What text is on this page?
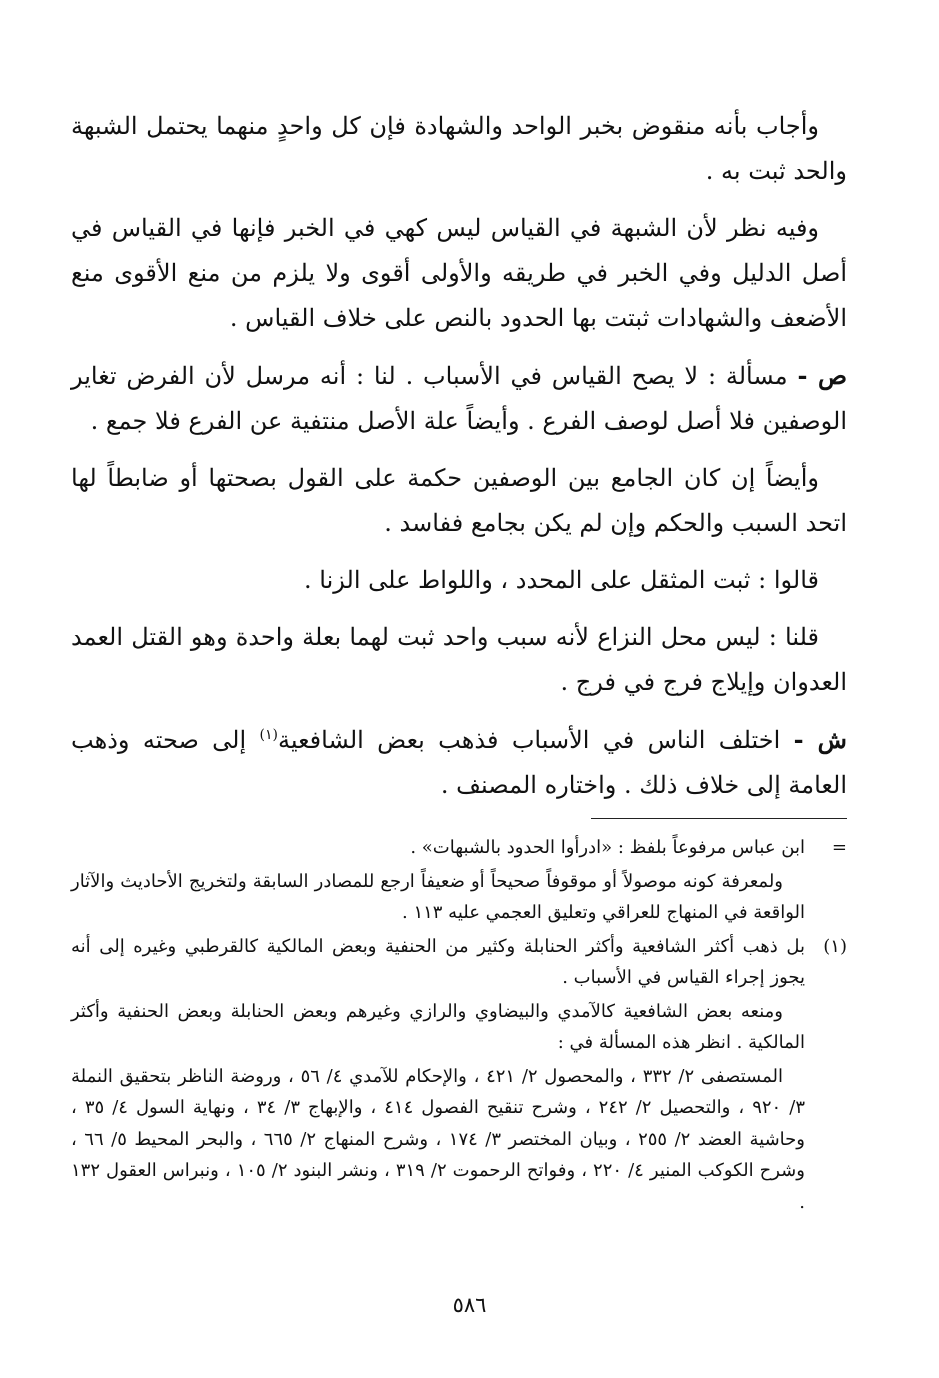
وأجاب بأنه منقوض بخبر الواحد والشهادة فإن كل واحدٍ منهما يحتمل الشبهة والحد ثبت به .

وفيه نظر لأن الشبهة في القياس ليس كهي في الخبر فإنها في القياس في أصل الدليل وفي الخبر في طريقه والأولى أقوى ولا يلزم من منع الأقوى منع الأضعف والشهادات ثبتت بها الحدود بالنص على خلاف القياس .

ص - مسألة : لا يصح القياس في الأسباب . لنا : أنه مرسل لأن الفرض تغاير الوصفين فلا أصل لوصف الفرع . وأيضاً علة الأصل منتفية عن الفرع فلا جمع .

وأيضاً إن كان الجامع بين الوصفين حكمة على القول بصحتها أو ضابطاً لها اتحد السبب والحكم وإن لم يكن بجامع ففاسد .

قالوا : ثبت المثقل على المحدد ، واللواط على الزنا .

قلنا : ليس محل النزاع لأنه سبب واحد ثبت لهما بعلة واحدة وهو القتل العمد العدوان وإيلاج فرج في فرج .

ش - اختلف الناس في الأسباب فذهب بعض الشافعية$^{(١)}$ إلى صحته وذهب العامة إلى خلاف ذلك . واختاره المصنف .

=
ابن عباس مرفوعاً بلفظ : «ادرأوا الحدود بالشبهات» .
ولمعرفة كونه موصولاً أو موقوفاً صحيحاً أو ضعيفاً ارجع للمصادر السابقة ولتخريج الأحاديث والآثار الواقعة في المنهاج للعراقي وتعليق العجمي عليه ١١٣ .
(١)
بل ذهب أكثر الشافعية وأكثر الحنابلة وكثير من الحنفية وبعض المالكية كالقرطبي وغيره إلى أنه يجوز إجراء القياس في الأسباب .
ومنعه بعض الشافعية كالآمدي والبيضاوي والرازي وغيرهم وبعض الحنابلة وبعض الحنفية وأكثر المالكية . انظر هذه المسألة في :
المستصفى ٢/ ٣٣٢ ، والمحصول ٢/ ٤٢١ ، والإحكام للآمدي ٤/ ٥٦ ، وروضة الناظر بتحقيق النملة ٣/ ٩٢٠ ، والتحصيل ٢/ ٢٤٢ ، وشرح تنقيح الفصول ٤١٤ ، والإبهاج ٣/ ٣٤ ، ونهاية السول ٤/ ٣٥ ، وحاشية العضد ٢/ ٢٥٥ ، وبيان المختصر ٣/ ١٧٤ ، وشرح المنهاج ٢/ ٦٦٥ ، والبحر المحيط ٥/ ٦٦ ، وشرح الكوكب المنير ٤/ ٢٢٠ ، وفواتح الرحموت ٢/ ٣١٩ ، ونشر البنود ٢/ ١٠٥ ، ونبراس العقول ١٣٢ .
٥٨٦
